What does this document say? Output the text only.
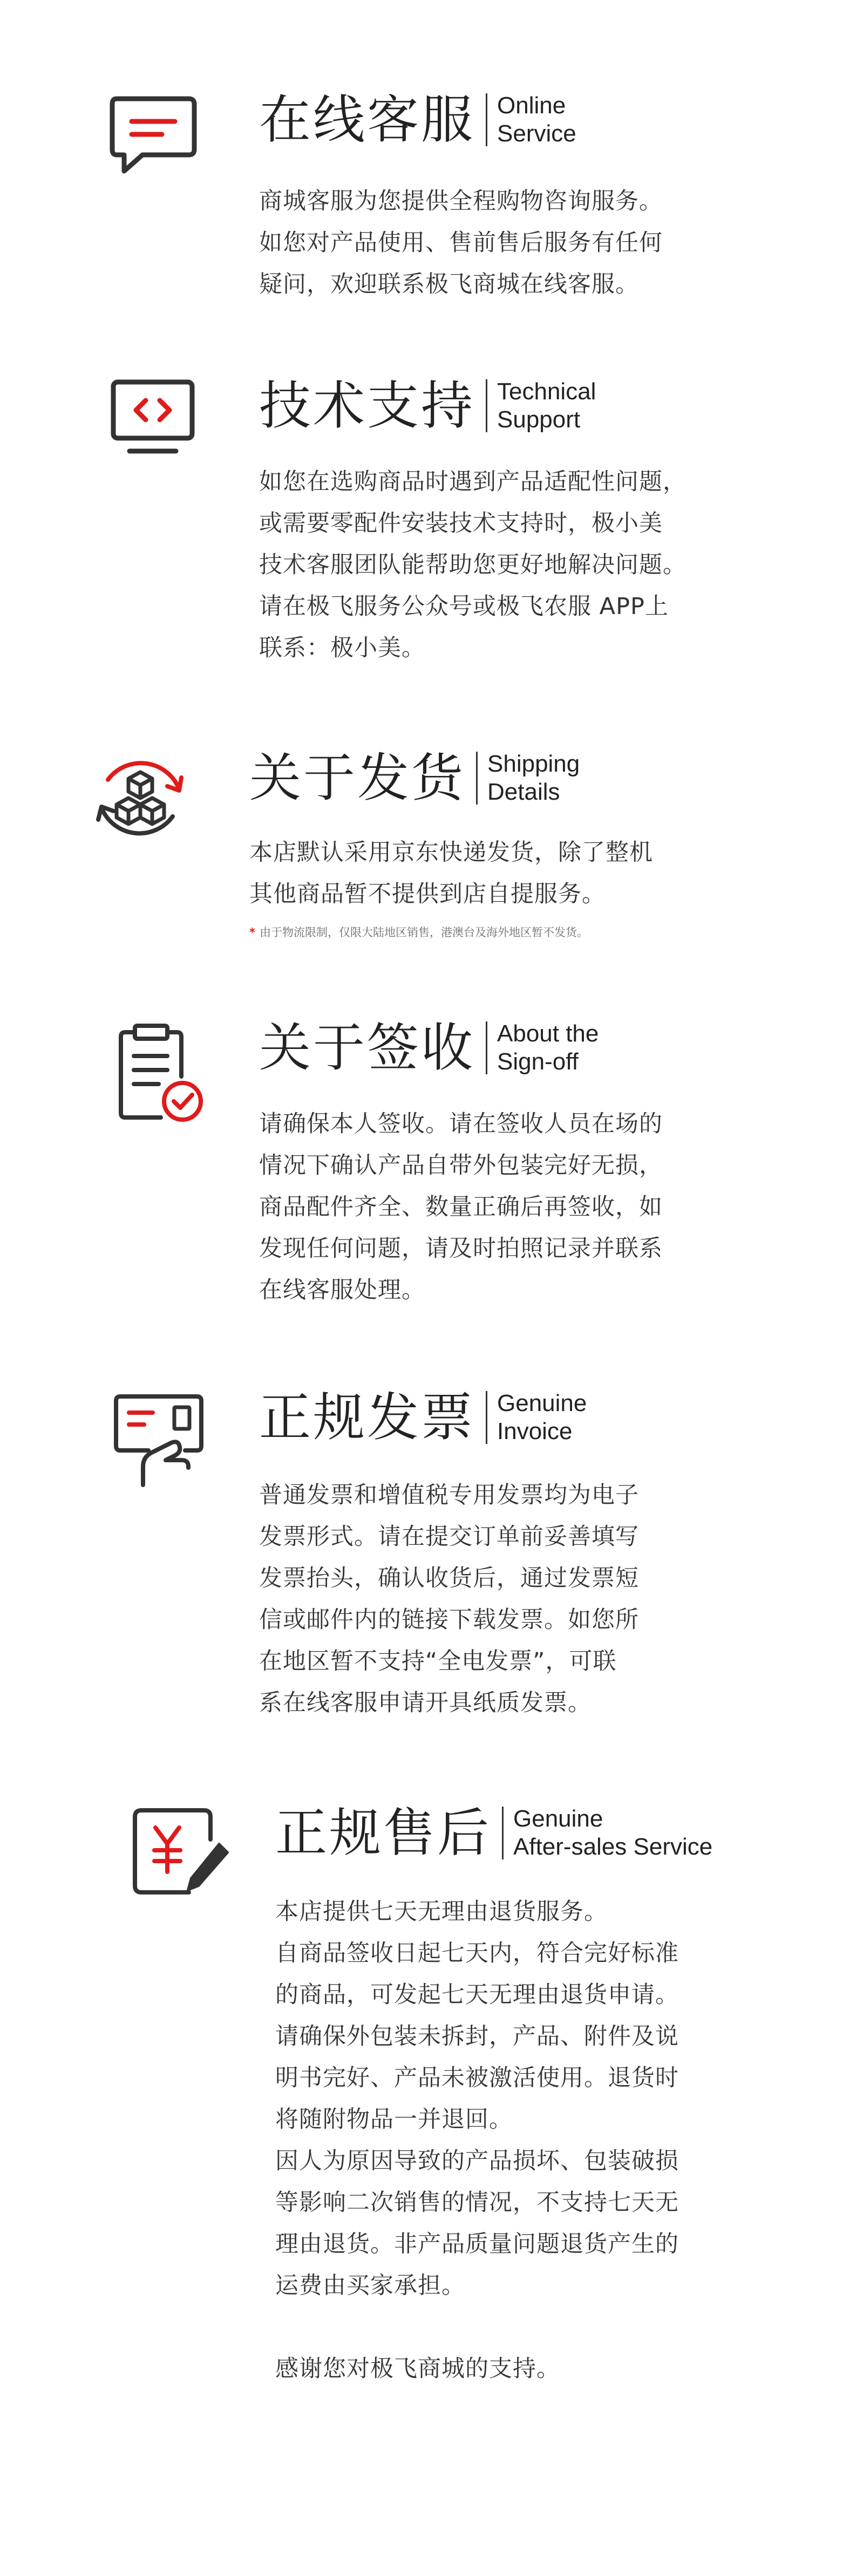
在线客服 Online
Service

商城客服为您提供全程购物咨询服务。

如您对产品使用、售前售后服务有任何

疑问，欢迎联系极飞商城在线客服。

技术支持 Technical
Support

如您在选购商品时遇到产品适配性问题，

或需要零配件安装技术支持时，极小美

技术客服团队能帮助您更好地解决问题。

请在极飞服务公众号或极飞农服 APP上

联系：极小美。

关于发货 Shipping
Details

本店默认采用京东快递发货，除了整机

其他商品暂不提供到店自提服务。

* 由于物流限制，仅限大陆地区销售，港澳台及海外地区暂不发货。
关于签收 About the
Sign-off

请确保本人签收。请在签收人员在场的

情况下确认产品自带外包装完好无损，

商品配件齐全、数量正确后再签收，如

发现任何问题，请及时拍照记录并联系

在线客服处理。

正规发票 Genuine
Invoice

普通发票和增值税专用发票均为电子

发票形式。请在提交订单前妥善填写

发票抬头，确认收货后，通过发票短

信或邮件内的链接下载发票。如您所

在地区暂不支持“全电发票”，可联

系在线客服申请开具纸质发票。

正规售后 Genuine
After-sales Service

本店提供七天无理由退货服务。

自商品签收日起七天内，符合完好标准

的商品，可发起七天无理由退货申请。

请确保外包装未拆封，产品、附件及说

明书完好、产品未被激活使用。退货时

将随附物品一并退回。

因人为原因导致的产品损坏、包装破损

等影响二次销售的情况，不支持七天无

理由退货。非产品质量问题退货产生的

运费由买家承担。

感谢您对极飞商城的支持。
